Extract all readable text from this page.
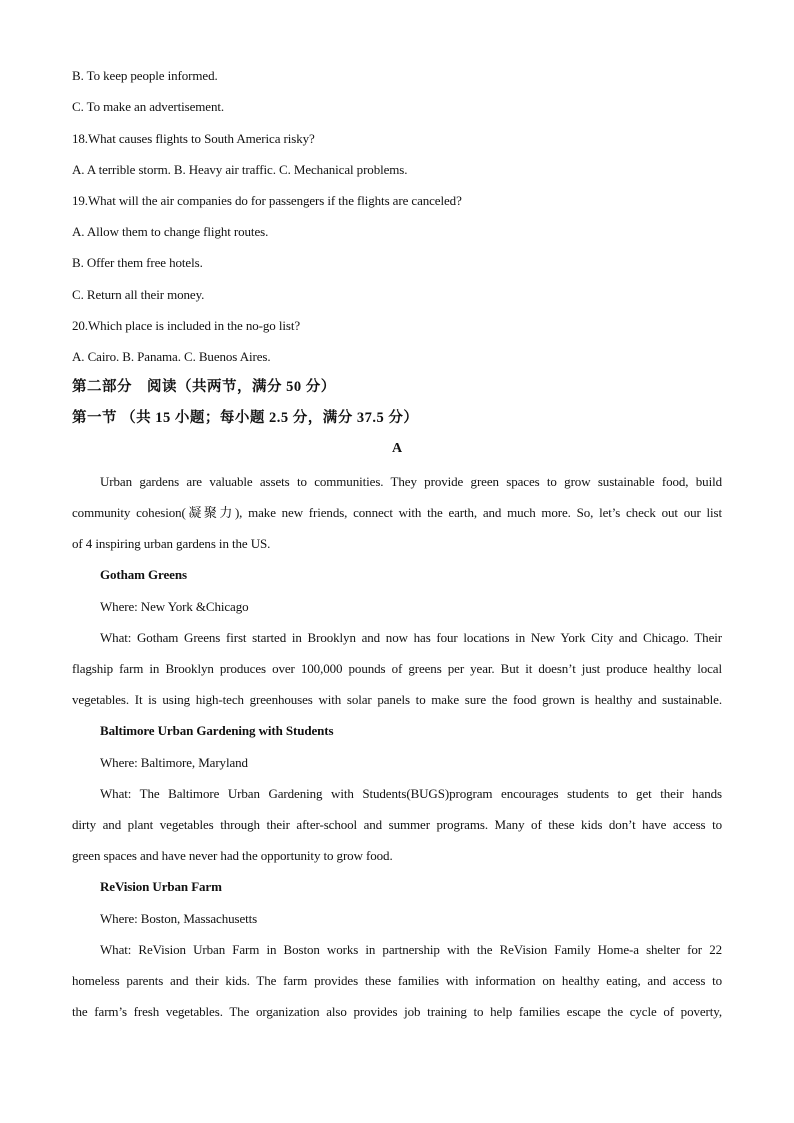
B. To keep people informed.
C. To make an advertisement.
18.What causes flights to South America risky?
A. A terrible storm. B. Heavy air traffic. C. Mechanical problems.
19.What will the air companies do for passengers if the flights are canceled?
A. Allow them to change flight routes.
B. Offer them free hotels.
C. Return all their money.
20.Which place is included in the no-go list?
A. Cairo. B. Panama. C. Buenos Aires.
第二部分　阅读（共两节，满分 50 分）
第一节 （共 15 小题；每小题 2.5 分，满分 37.5 分）
A
Urban gardens are valuable assets to communities. They provide green spaces to grow sustainable food, build
community cohesion(凝聚力), make new friends, connect with the earth, and much more. So, let’s check out our list
of 4 inspiring urban gardens in the US.
Gotham Greens
Where: New York &Chicago
What: Gotham Greens first started in Brooklyn and now has four locations in New York City and Chicago. Their
flagship farm in Brooklyn produces over 100,000 pounds of greens per year. But it doesn’t just produce healthy local
vegetables. It is using high-tech greenhouses with solar panels to make sure the food grown is healthy and sustainable.
Baltimore Urban Gardening with Students
Where: Baltimore, Maryland
What: The Baltimore Urban Gardening with Students(BUGS)program encourages students to get their hands
dirty and plant vegetables through their after-school and summer programs. Many of these kids don’t have access to
green spaces and have never had the opportunity to grow food.
ReVision Urban Farm
Where: Boston, Massachusetts
What: ReVision Urban Farm in Boston works in partnership with the ReVision Family Home-a shelter for 22
homeless parents and their kids. The farm provides these families with information on healthy eating, and access to
the farm’s fresh vegetables. The organization also provides job training to help families escape the cycle of poverty,
